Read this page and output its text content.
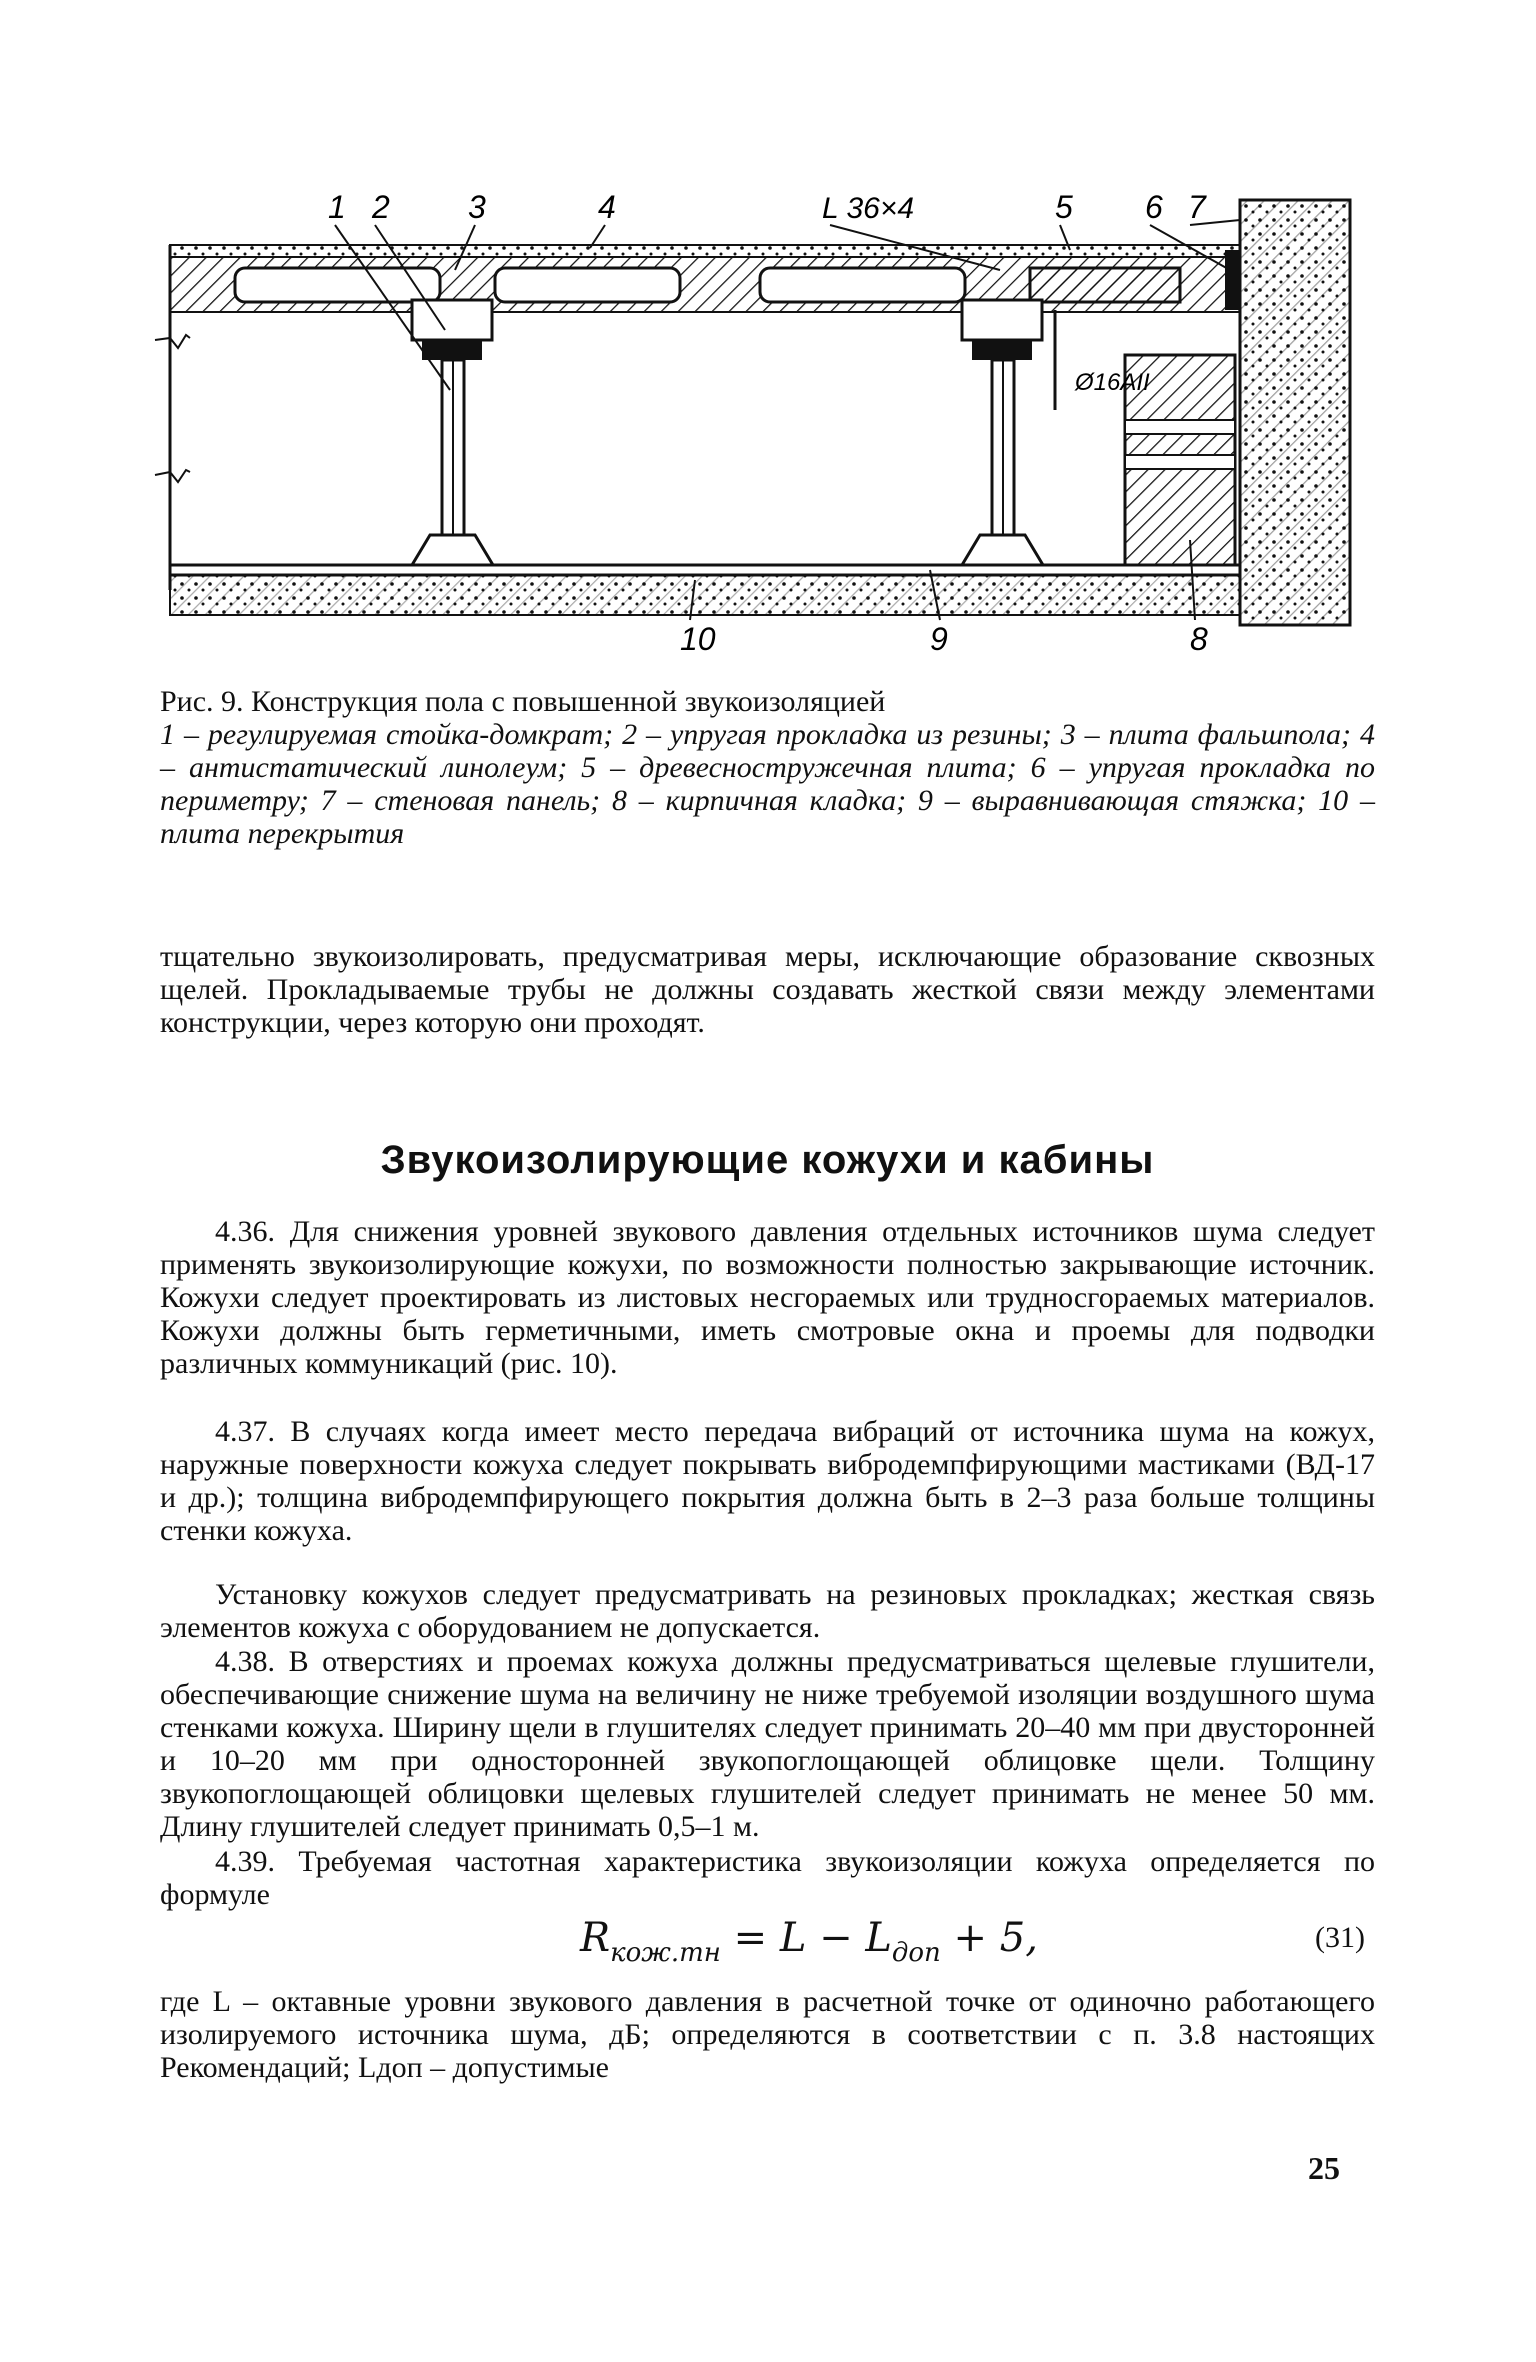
1 2 3	4	L 36×4	5 6 7
Ø16AII
10	9	8
Рис. 9. Конструкция пола с повышенной звукоизоляцией
1 – регулируемая стойка-домкрат; 2 – упругая прокладка из резины; 3 – плита фальшпола; 4 – антистатический линолеум; 5 – древесностружечная плита; 6 – упругая прокладка по периметру; 7 – стеновая панель; 8 – кирпичная кладка; 9 – выравнивающая стяжка; 10 – плита перекрытия
тщательно звукоизолировать, предусматривая меры, исключающие образование сквозных щелей. Прокладываемые трубы не должны создавать жесткой связи между элементами конструкции, через которую они проходят.
Звукоизолирующие кожухи и кабины
4.36. Для снижения уровней звукового давления отдельных источников шума следует применять звукоизолирующие кожухи, по возможности полностью закрывающие источник. Кожухи следует проектировать из листовых несгораемых или трудносгораемых материалов. Кожухи должны быть герметичными, иметь смотровые окна и проемы для подводки различных коммуникаций (рис. 10).
4.37. В случаях когда имеет место передача вибраций от источника шума на кожух, наружные поверхности кожуха следует покрывать вибродемпфирующими мастиками (ВД-17 и др.); толщина вибродемпфирующего покрытия должна быть в 2–3 раза больше толщины стенки кожуха.
Установку кожухов следует предусматривать на резиновых прокладках; жесткая связь элементов кожуха с оборудованием не допускается.
4.38. В отверстиях и проемах кожуха должны предусматриваться щелевые глушители, обеспечивающие снижение шума на величину не ниже требуемой изоляции воздушного шума стенками кожуха. Ширину щели в глушителях следует принимать 20–40 мм при двусторонней и 10–20 мм при односторонней звукопоглощающей облицовке щели. Толщину звукопоглощающей облицовки щелевых глушителей следует принимать не менее 50 мм. Длину глушителей следует принимать 0,5–1 м.
4.39. Требуемая частотная характеристика звукоизоляции кожуха определяется по формуле
$R_{кож.тн} = L - L_{доп} + 5$,	(31)
где L – октавные уровни звукового давления в расчетной точке от одиночно работающего изолируемого источника шума, дБ; определяются в соответствии с п. 3.8 настоящих Рекомендаций; Lдоп – допустимые
25
